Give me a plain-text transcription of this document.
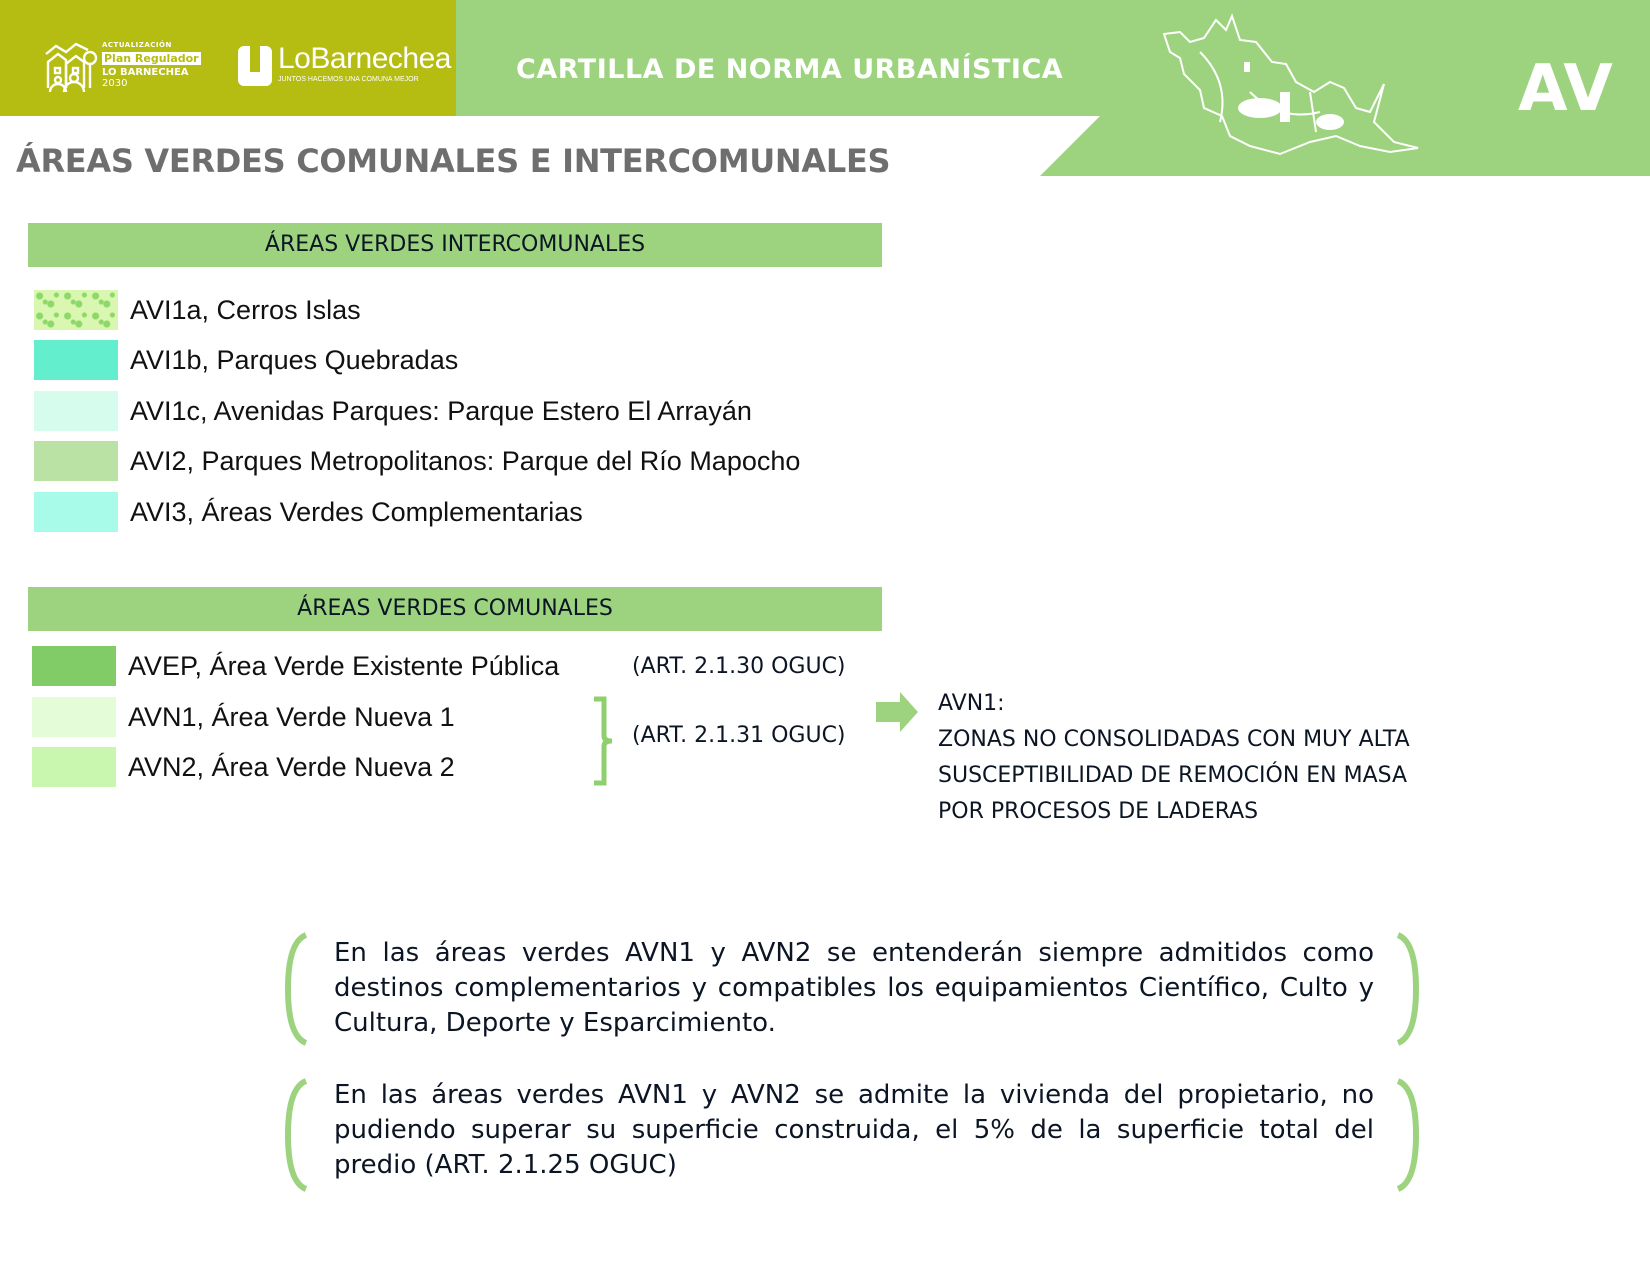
ACTUALIZACIÓN
Plan Regulador
LO BARNECHEA
2030
LoBarnechea
JUNTOS HACEMOS UNA COMUNA MEJOR	CARTILLA DE NORMA URBANÍSTICA	AV
ÁREAS VERDES COMUNALES E INTERCOMUNALES
ÁREAS VERDES INTERCOMUNALES
AVI1a, Cerros Islas
AVI1b, Parques Quebradas
AVI1c, Avenidas Parques: Parque Estero El Arrayán
AVI2, Parques Metropolitanos: Parque del Río Mapocho
AVI3, Áreas Verdes Complementarias
ÁREAS VERDES COMUNALES
AVEP, Área Verde Existente Pública
AVN1, Área Verde Nueva 1
AVN2, Área Verde Nueva 2
(ART. 2.1.30 OGUC)
(ART. 2.1.31 OGUC)
AVN1:
ZONAS NO CONSOLIDADAS CON MUY ALTA
SUSCEPTIBILIDAD DE REMOCIÓN EN MASA
POR PROCESOS DE LADERAS
En las áreas verdes AVN1 y AVN2 se entenderán siempre admitidos como destinos complementarios y compatibles los equipamientos Científico, Culto y Cultura, Deporte y Esparcimiento.
En las áreas verdes AVN1 y AVN2 se admite la vivienda del propietario, no pudiendo superar su superficie construida, el 5% de la superficie total del predio (ART. 2.1.25 OGUC)
